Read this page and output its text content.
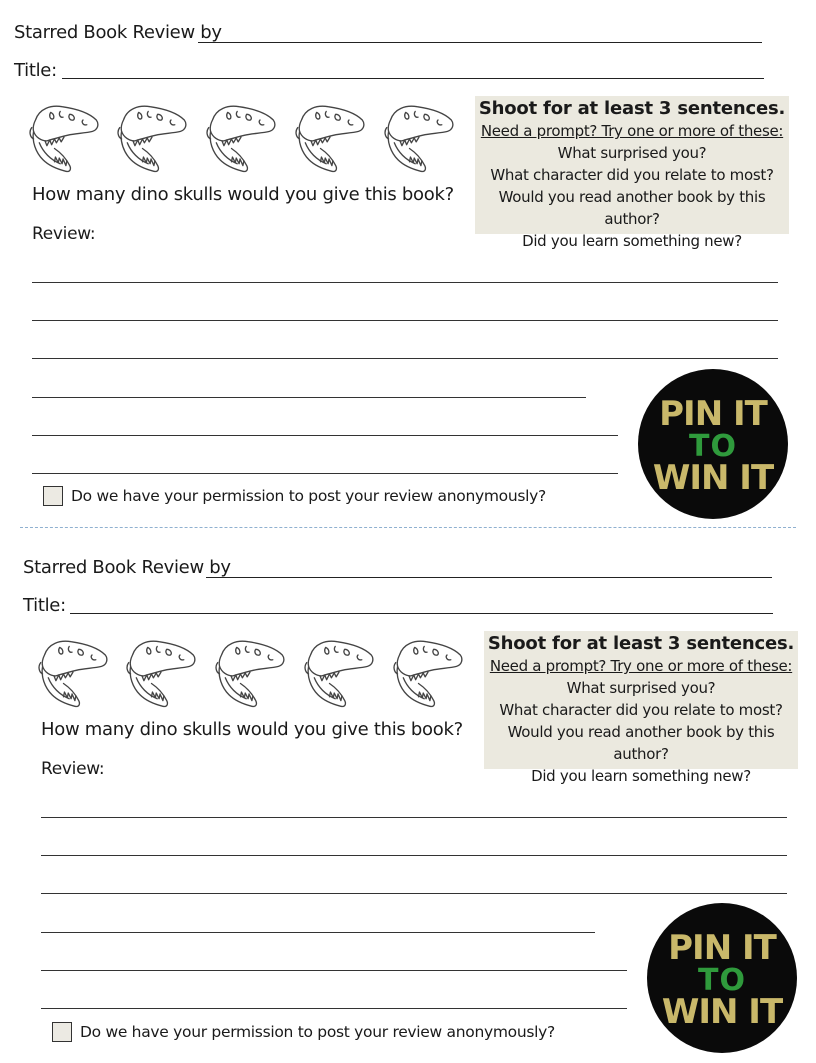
Starred Book Review by
Title:
How many dino skulls would you give this book?
Review:
Shoot for at least 3 sentences.
Need a prompt? Try one or more of these:
What surprised you?
What character did you relate to most?
Would you read another book by this author?
Did you learn something new?
Do we have your permission to post your review anonymously?
PIN IT
TO
WIN IT
Starred Book Review by
Title:
How many dino skulls would you give this book?
Review:
Shoot for at least 3 sentences.
Need a prompt? Try one or more of these:
What surprised you?
What character did you relate to most?
Would you read another book by this author?
Did you learn something new?
Do we have your permission to post your review anonymously?
PIN IT
TO
WIN IT
